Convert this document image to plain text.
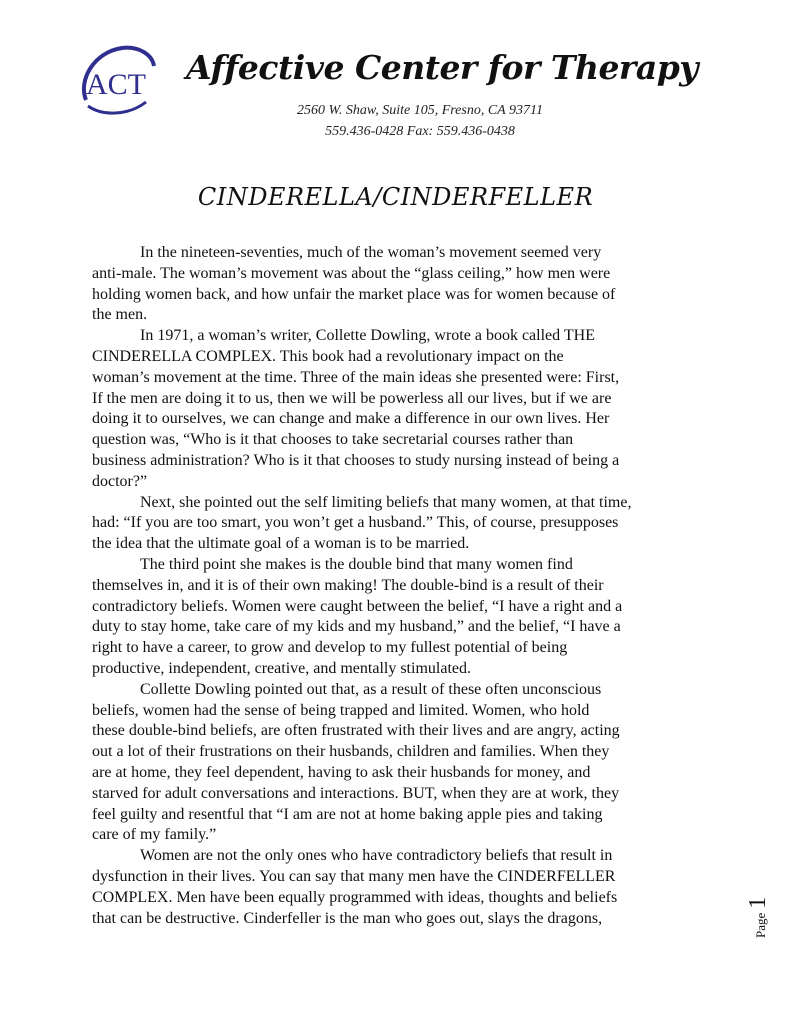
ACT Affective Center for Therapy
2560 W. Shaw, Suite 105, Fresno, CA 93711
559.436-0428 Fax: 559.436-0438
CINDERELLA/CINDERFELLER
In the nineteen-seventies, much of the woman’s movement seemed very
anti-male. The woman’s movement was about the “glass ceiling,” how men were
holding women back, and how unfair the market place was for women because of
the men.
In 1971, a woman’s writer, Collette Dowling, wrote a book called THE
CINDERELLA COMPLEX. This book had a revolutionary impact on the
woman’s movement at the time. Three of the main ideas she presented were: First,
If the men are doing it to us, then we will be powerless all our lives, but if we are
doing it to ourselves, we can change and make a difference in our own lives. Her
question was, “Who is it that chooses to take secretarial courses rather than
business administration? Who is it that chooses to study nursing instead of being a
doctor?”
Next, she pointed out the self limiting beliefs that many women, at that time,
had: “If you are too smart, you won’t get a husband.” This, of course, presupposes
the idea that the ultimate goal of a woman is to be married.
The third point she makes is the double bind that many women find
themselves in, and it is of their own making! The double-bind is a result of their
contradictory beliefs. Women were caught between the belief, “I have a right and a
duty to stay home, take care of my kids and my husband,” and the belief, “I have a
right to have a career, to grow and develop to my fullest potential of being
productive, independent, creative, and mentally stimulated.
Collette Dowling pointed out that, as a result of these often unconscious
beliefs, women had the sense of being trapped and limited. Women, who hold
these double-bind beliefs, are often frustrated with their lives and are angry, acting
out a lot of their frustrations on their husbands, children and families. When they
are at home, they feel dependent, having to ask their husbands for money, and
starved for adult conversations and interactions. BUT, when they are at work, they
feel guilty and resentful that “I am are not at home baking apple pies and taking
care of my family.”
Women are not the only ones who have contradictory beliefs that result in
dysfunction in their lives. You can say that many men have the CINDERFELLER
COMPLEX. Men have been equally programmed with ideas, thoughts and beliefs
that can be destructive. Cinderfeller is the man who goes out, slays the dragons,	Page1
